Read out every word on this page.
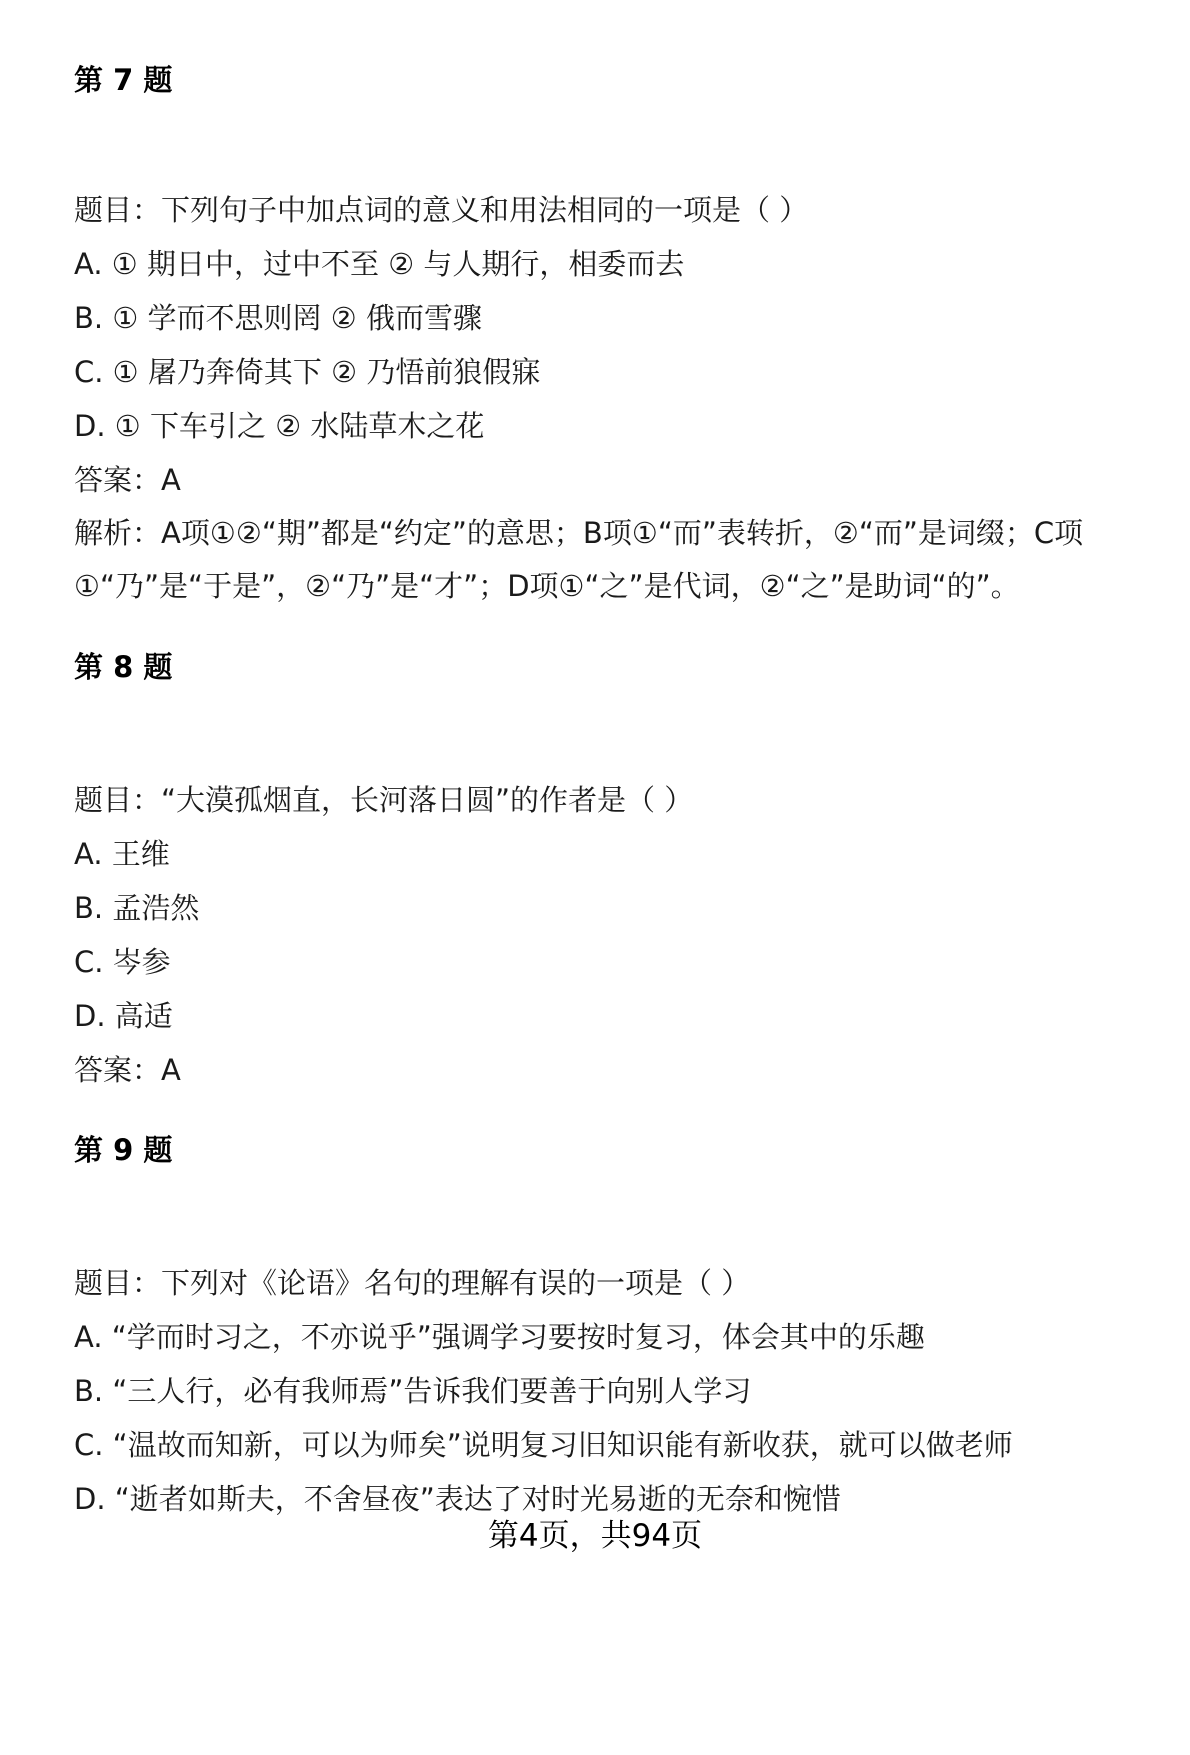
第 7 题
题目：下列句子中加点词的意义和用法相同的一项是（ ）
A. ① 期日中，过中不至 ② 与人期行，相委而去
B. ① 学而不思则罔 ② 俄而雪骤
C. ① 屠乃奔倚其下 ② 乃悟前狼假寐
D. ① 下车引之 ② 水陆草木之花
答案：A
解析：A项①②“期”都是“约定”的意思；B项①“而”表转折，②“而”是词缀；C项
①“乃”是“于是”，②“乃”是“才”；D项①“之”是代词，②“之”是助词“的”。
第 8 题
题目：“大漠孤烟直，长河落日圆”的作者是（ ）
A. 王维
B. 孟浩然
C. 岑参
D. 高适
答案：A
第 9 题
题目：下列对《论语》名句的理解有误的一项是（ ）
A. “学而时习之，不亦说乎”强调学习要按时复习，体会其中的乐趣
B. “三人行，必有我师焉”告诉我们要善于向别人学习
C. “温故而知新，可以为师矣”说明复习旧知识能有新收获，就可以做老师
D. “逝者如斯夫，不舍昼夜”表达了对时光易逝的无奈和惋惜
第4页，共94页
